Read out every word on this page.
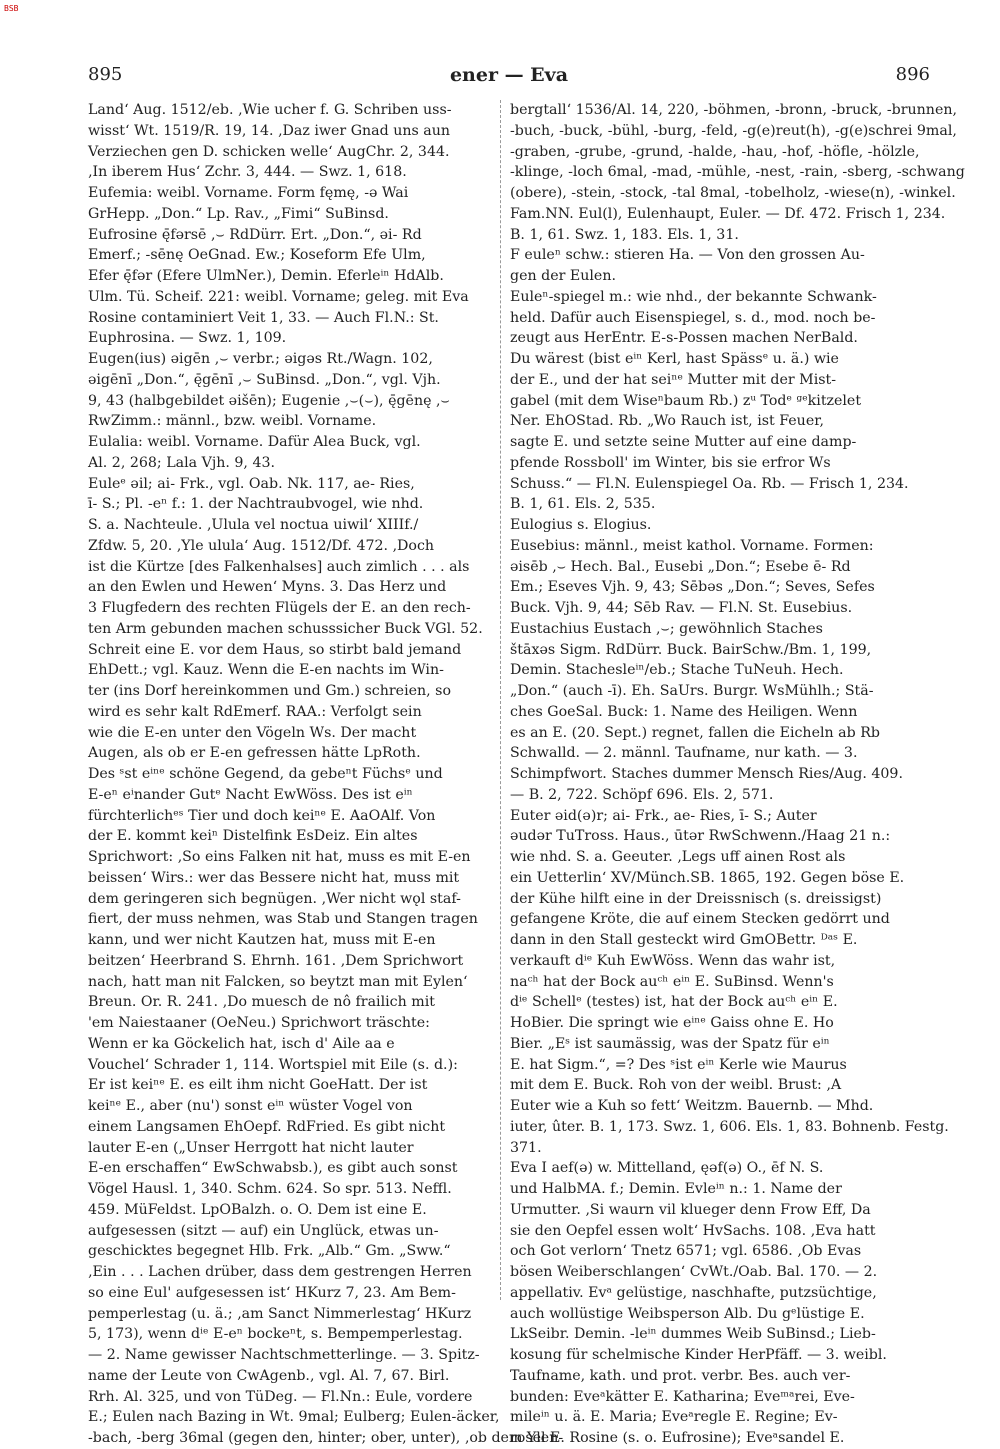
BSB
895	ener — Eva	896
Land‘ Aug. 1512/eb. ‚Wie ucher f. G. Schriben uss-
wisst‘ Wt. 1519/R. 19, 14. ‚Daz iwer Gnad uns aun
Verziechen gen D. schicken welle‘ AugChr. 2, 344.
‚In iberem Hus‘ Zchr. 3, 444. — Swz. 1, 618.
Eufemia: weibl. Vorname. Form fęmę, -ə Wai
GrHepp. „Don.“ Lp. Rav., „Fimi“ SuBinsd.
Eufrosine ę̄fərsē ,⌣ RdDürr. Ert. „Don.“, əi- Rd
Emerf.; -sēnę OeGnad. Ew.; Koseform Efe Ulm,
Efer ę̄fər (Efere UlmNer.), Demin. Eferleⁱⁿ HdAlb.
Ulm. Tü. Scheif. 221: weibl. Vorname; geleg. mit Eva
Rosine contaminiert Veit 1, 33. — Auch Fl.N.: St.
Euphrosina. — Swz. 1, 109.
Eugen(ius) əigēn ,⌣ verbr.; əigəs Rt./Wagn. 102,
əigēnī „Don.“, ę̄gēnī ,⌣ SuBinsd. „Don.“, vgl. Vjh.
9, 43 (halbgebildet əišēn); Eugenie ,⌣(⌣), ę̄gēnę ,⌣
RwZimm.: männl., bzw. weibl. Vorname.
Eulalia: weibl. Vorname. Dafür Alea Buck, vgl.
Al. 2, 268; Lala Vjh. 9, 43.
Euleᵉ əil; ai- Frk., vgl. Oab. Nk. 117, ae- Ries,
ī- S.; Pl. -eⁿ f.: 1. der Nachtraubvogel, wie nhd.
S. a. Nachteule. ‚Ulula vel noctua uiwil‘ XIIIf./
Zfdw. 5, 20. ‚Yle ulula‘ Aug. 1512/Df. 472. ‚Doch
ist die Kürtze [des Falkenhalses] auch zimlich . . . als
an den Ewlen und Hewen‘ Myns. 3. Das Herz und
3 Flugfedern des rechten Flügels der E. an den rech-
ten Arm gebunden machen schusssicher Buck VGl. 52.
Schreit eine E. vor dem Haus, so stirbt bald jemand
EhDett.; vgl. Kauz. Wenn die E-en nachts im Win-
ter (ins Dorf hereinkommen und Gm.) schreien, so
wird es sehr kalt RdEmerf. RAA.: Verfolgt sein
wie die E-en unter den Vögeln Ws. Der macht
Augen, als ob er E-en gefressen hätte LpRoth.
Des ˢst eⁱⁿᵉ schöne Gegend, da gebeⁿt Füchsᵉ und
E-eⁿ eⁱnander Gutᵉ Nacht EwWöss. Des ist eⁱⁿ
fürchterlichᵉˢ Tier und doch keiⁿᵉ E. AaOAlf. Von
der E. kommt keiⁿ Distelfink EsDeiz. Ein altes
Sprichwort: ‚So eins Falken nit hat, muss es mit E-en
beissen‘ Wirs.: wer das Bessere nicht hat, muss mit
dem geringeren sich begnügen. ‚Wer nicht wǫl staf-
fiert, der muss nehmen, was Stab und Stangen tragen
kann, und wer nicht Kautzen hat, muss mit E-en
beitzen‘ Heerbrand S. Ehrnh. 161. ‚Dem Sprichwort
nach, hatt man nit Falcken, so beytzt man mit Eylen‘
Breun. Or. R. 241. ‚Do muesch de nô frailich mit
'em Naiestaaner (OeNeu.) Sprichwort träschte:
Wenn er ka Göckelich hat, isch d' Aile aa e
Vouchel‘ Schrader 1, 114. Wortspiel mit Eile (s. d.):
Er ist keiⁿᵉ E. es eilt ihm nicht GoeHatt. Der ist
keiⁿᵉ E., aber (nu') sonst eⁱⁿ wüster Vogel von
einem Langsamen EhOepf. RdFried. Es gibt nicht
lauter E-en („Unser Herrgott hat nicht lauter
E-en erschaffen“ EwSchwabsb.), es gibt auch sonst
Vögel Hausl. 1, 340. Schm. 624. So spr. 513. Neffl.
459. MüFeldst. LpOBalzh. o. O. Dem ist eine E.
aufgesessen (sitzt — auf) ein Unglück, etwas un-
geschicktes begegnet Hlb. Frk. „Alb.“ Gm. „Sww.“
‚Ein . . . Lachen drüber, dass dem gestrengen Herren
so eine Eul' aufgesessen ist‘ HKurz 7, 23. Am Bem-
pemperlestag (u. ä.; ‚am Sanct Nimmerlestag‘ HKurz
5, 173), wenn dⁱᵉ E-eⁿ bockeⁿt, s. Bempemperlestag.
— 2. Name gewisser Nachtschmetterlinge. — 3. Spitz-
name der Leute von CwAgenb., vgl. Al. 7, 67. Birl.
Rrh. Al. 325, und von TüDeg. — Fl.Nn.: Eule, vordere
E.; Eulen nach Bazing in Wt. 9mal; Eulberg; Eulen-äcker,
-bach, -berg 36mal (gegen den, hinter; ober, unter), ‚ob dem Ylen-
bergtall‘ 1536/Al. 14, 220, -böhmen, -bronn, -bruck, -brunnen,
-buch, -buck, -bühl, -burg, -feld, -g(e)reut(h), -g(e)schrei 9mal,
-graben, -grube, -grund, -halde, -hau, -hof, -höfle, -hölzle,
-klinge, -loch 6mal, -mad, -mühle, -nest, -rain, -sberg, -schwang
(obere), -stein, -stock, -tal 8mal, -tobelholz, -wiese(n), -winkel.
Fam.NN. Eul(l), Eulenhaupt, Euler. — Df. 472. Frisch 1, 234.
B. 1, 61. Swz. 1, 183. Els. 1, 31.
F euleⁿ schw.: stieren Ha. — Von den grossen Au-
gen der Eulen.
Euleⁿ-spiegel m.: wie nhd., der bekannte Schwank-
held. Dafür auch Eisenspiegel, s. d., mod. noch be-
zeugt aus HerEntr. E-s-Possen machen NerBald.
Du wärest (bist eⁱⁿ Kerl, hast Spässᵉ u. ä.) wie
der E., und der hat seiⁿᵉ Mutter mit der Mist-
gabel (mit dem Wiseⁿbaum Rb.) zᵘ Todᵉ ᵍᵉkitzelet
Ner. EhOStad. Rb. „Wo Rauch ist, ist Feuer,
sagte E. und setzte seine Mutter auf eine damp-
pfende Rossboll' im Winter, bis sie erfror Ws
Schuss.“ — Fl.N. Eulenspiegel Oa. Rb. — Frisch 1, 234.
B. 1, 61. Els. 2, 535.
Eulogius s. Elogius.
Eusebius: männl., meist kathol. Vorname. Formen:
əisēb ,⌣ Hech. Bal., Eusebi „Don.“; Esebe ē- Rd
Em.; Eseves Vjh. 9, 43; Sēbəs „Don.“; Seves, Sefes
Buck. Vjh. 9, 44; Sēb Rav. — Fl.N. St. Eusebius.
Eustachius Eustach ,⌣; gewöhnlich Staches
štāxəs Sigm. RdDürr. Buck. BairSchw./Bm. 1, 199,
Demin. Stachesleⁱⁿ/eb.; Stache TuNeuh. Hech.
„Don.“ (auch -ī). Eh. SaUrs. Burgr. WsMühlh.; Stä-
ches GoeSal. Buck: 1. Name des Heiligen. Wenn
es an E. (20. Sept.) regnet, fallen die Eicheln ab Rb
Schwalld. — 2. männl. Taufname, nur kath. — 3.
Schimpfwort. Staches dummer Mensch Ries/Aug. 409.
— B. 2, 722. Schöpf 696. Els. 2, 571.
Euter əid(ə)r; ai- Frk., ae- Ries, ī- S.; Auter
əudər TuTross. Haus., ūtər RwSchwenn./Haag 21 n.:
wie nhd. S. a. Geeuter. ‚Legs uff ainen Rost als
ein Uetterlin‘ XV/Münch.SB. 1865, 192. Gegen böse E.
der Kühe hilft eine in der Dreissnisch (s. dreissigst)
gefangene Kröte, die auf einem Stecken gedörrt und
dann in den Stall gesteckt wird GmOBettr. ᴰᵃˢ E.
verkauft dⁱᵉ Kuh EwWöss. Wenn das wahr ist,
naᶜʰ hat der Bock auᶜʰ eⁱⁿ E. SuBinsd. Wenn's
dⁱᵉ Schellᵉ (testes) ist, hat der Bock auᶜʰ eⁱⁿ E.
HoBier. Die springt wie eⁱⁿᵉ Gaiss ohne E. Ho
Bier. „Eˢ ist saumässig, was der Spatz für eⁱⁿ
E. hat Sigm.“, =? Des ˢist eⁱⁿ Kerle wie Maurus
mit dem E. Buck. Roh von der weibl. Brust: ‚A
Euter wie a Kuh so fett‘ Weitzm. Bauernb. — Mhd.
iuter, ûter. B. 1, 173. Swz. 1, 606. Els. 1, 83. Bohnenb. Festg.
371.
Eva I aef(ə) w. Mittelland, ęəf(ə) O., ēf N. S.
und HalbMA. f.; Demin. Evleⁱⁿ n.: 1. Name der
Urmutter. ‚Si waurn vil klueger denn Frow Eff, Da
sie den Oepfel essen wolt‘ HvSachs. 108. ‚Eva hatt
och Got verlorn‘ Tnetz 6571; vgl. 6586. ‚Ob Evas
bösen Weiberschlangen‘ CvWt./Oab. Bal. 170. — 2.
appellativ. Evᵃ gelüstige, naschhafte, putzsüchtige,
auch wollüstige Weibsperson Alb. Du gᵉlüstige E.
LkSeibr. Demin. -leⁱⁿ dummes Weib SuBinsd.; Lieb-
kosung für schelmische Kinder HerPfäff. — 3. weibl.
Taufname, kath. und prot. verbr. Bes. auch ver-
bunden: Eveᵃkätter E. Katharina; Eveᵐᵃrei, Eve-
mileⁱⁿ u. ä. E. Maria; Eveᵃregle E. Regine; Ev-
rosel E. Rosine (s. o. Eufrosine); Eveᵃsandel E.
